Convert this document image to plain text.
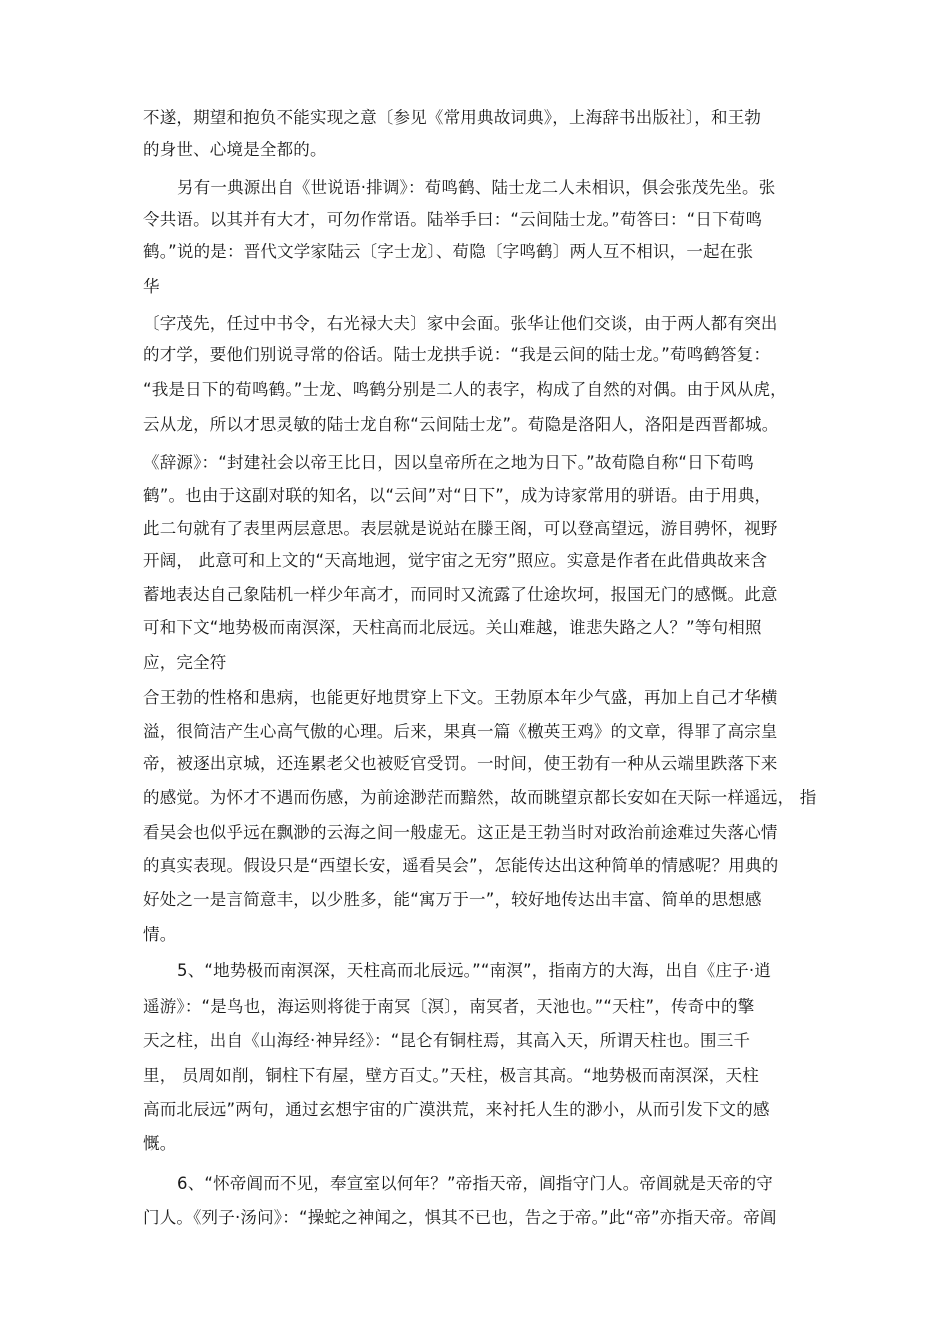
不遂，期望和抱负不能实现之意〔参见《常用典故词典》，上海辞书出版社〕，和王勃
的身世、心境是全都的。
另有一典源出自《世说语·排调》：荀鸣鹤、陆士龙二人未相识，俱会张茂先坐。张
令共语。以其并有大才，可勿作常语。陆举手曰：“云间陆士龙。”荀答曰：“日下荀鸣
鹤。”说的是：晋代文学家陆云〔字士龙〕、荀隐〔字鸣鹤〕两人互不相识，一起在张
华
〔字茂先，任过中书令，右光禄大夫〕家中会面。张华让他们交谈，由于两人都有突出
的才学，要他们别说寻常的俗话。陆士龙拱手说：“我是云间的陆士龙。”荀鸣鹤答复：
“我是日下的荀鸣鹤。”士龙、鸣鹤分别是二人的表字，构成了自然的对偶。由于风从虎，
云从龙，所以才思灵敏的陆士龙自称“云间陆士龙”。荀隐是洛阳人，洛阳是西晋都城。
《辞源》：“封建社会以帝王比日，因以皇帝所在之地为日下。”故荀隐自称“日下荀鸣
鹤”。也由于这副对联的知名，以“云间”对“日下”，成为诗家常用的骈语。由于用典，
此二句就有了表里两层意思。表层就是说站在滕王阁，可以登高望远，游目骋怀，视野
开阔， 此意可和上文的“天高地迥，觉宇宙之无穷”照应。实意是作者在此借典故来含
蓄地表达自己象陆机一样少年高才，而同时又流露了仕途坎坷，报国无门的感慨。此意
可和下文“地势极而南溟深，天柱高而北辰远。关山难越，谁悲失路之人？”等句相照
应，完全符
合王勃的性格和患病，也能更好地贯穿上下文。王勃原本年少气盛，再加上自己才华横
溢，很简洁产生心高气傲的心理。后来，果真一篇《檄英王鸡》的文章，得罪了高宗皇
帝，被逐出京城，还连累老父也被贬官受罚。一时间，使王勃有一种从云端里跌落下来
的感觉。为怀才不遇而伤感，为前途渺茫而黯然，故而眺望京都长安如在天际一样遥远， 指
看吴会也似乎远在飘渺的云海之间一般虚无。这正是王勃当时对政治前途难过失落心情
的真实表现。假设只是“西望长安，遥看吴会”，怎能传达出这种简单的情感呢？用典的
好处之一是言简意丰，以少胜多，能“寓万于一”，较好地传达出丰富、简单的思想感
情。
5、“地势极而南溟深，天柱高而北辰远。”“南溟”，指南方的大海，出自《庄子·逍
遥游》：“是鸟也，海运则将徙于南冥〔溟〕，南冥者，天池也。”“天柱”，传奇中的擎
天之柱，出自《山海经·神异经》：“昆仑有铜柱焉，其高入天，所谓天柱也。围三千
里， 员周如削，铜柱下有屋，壁方百丈。”天柱，极言其高。“地势极而南溟深，天柱
高而北辰远”两句，通过玄想宇宙的广漠洪荒，来衬托人生的渺小，从而引发下文的感
慨。
6、“怀帝阊而不见，奉宣室以何年？”帝指天帝，阊指守门人。帝阊就是天帝的守
门人。《列子·汤问》：“操蛇之神闻之，惧其不已也，告之于帝。”此“帝”亦指天帝。帝阊
